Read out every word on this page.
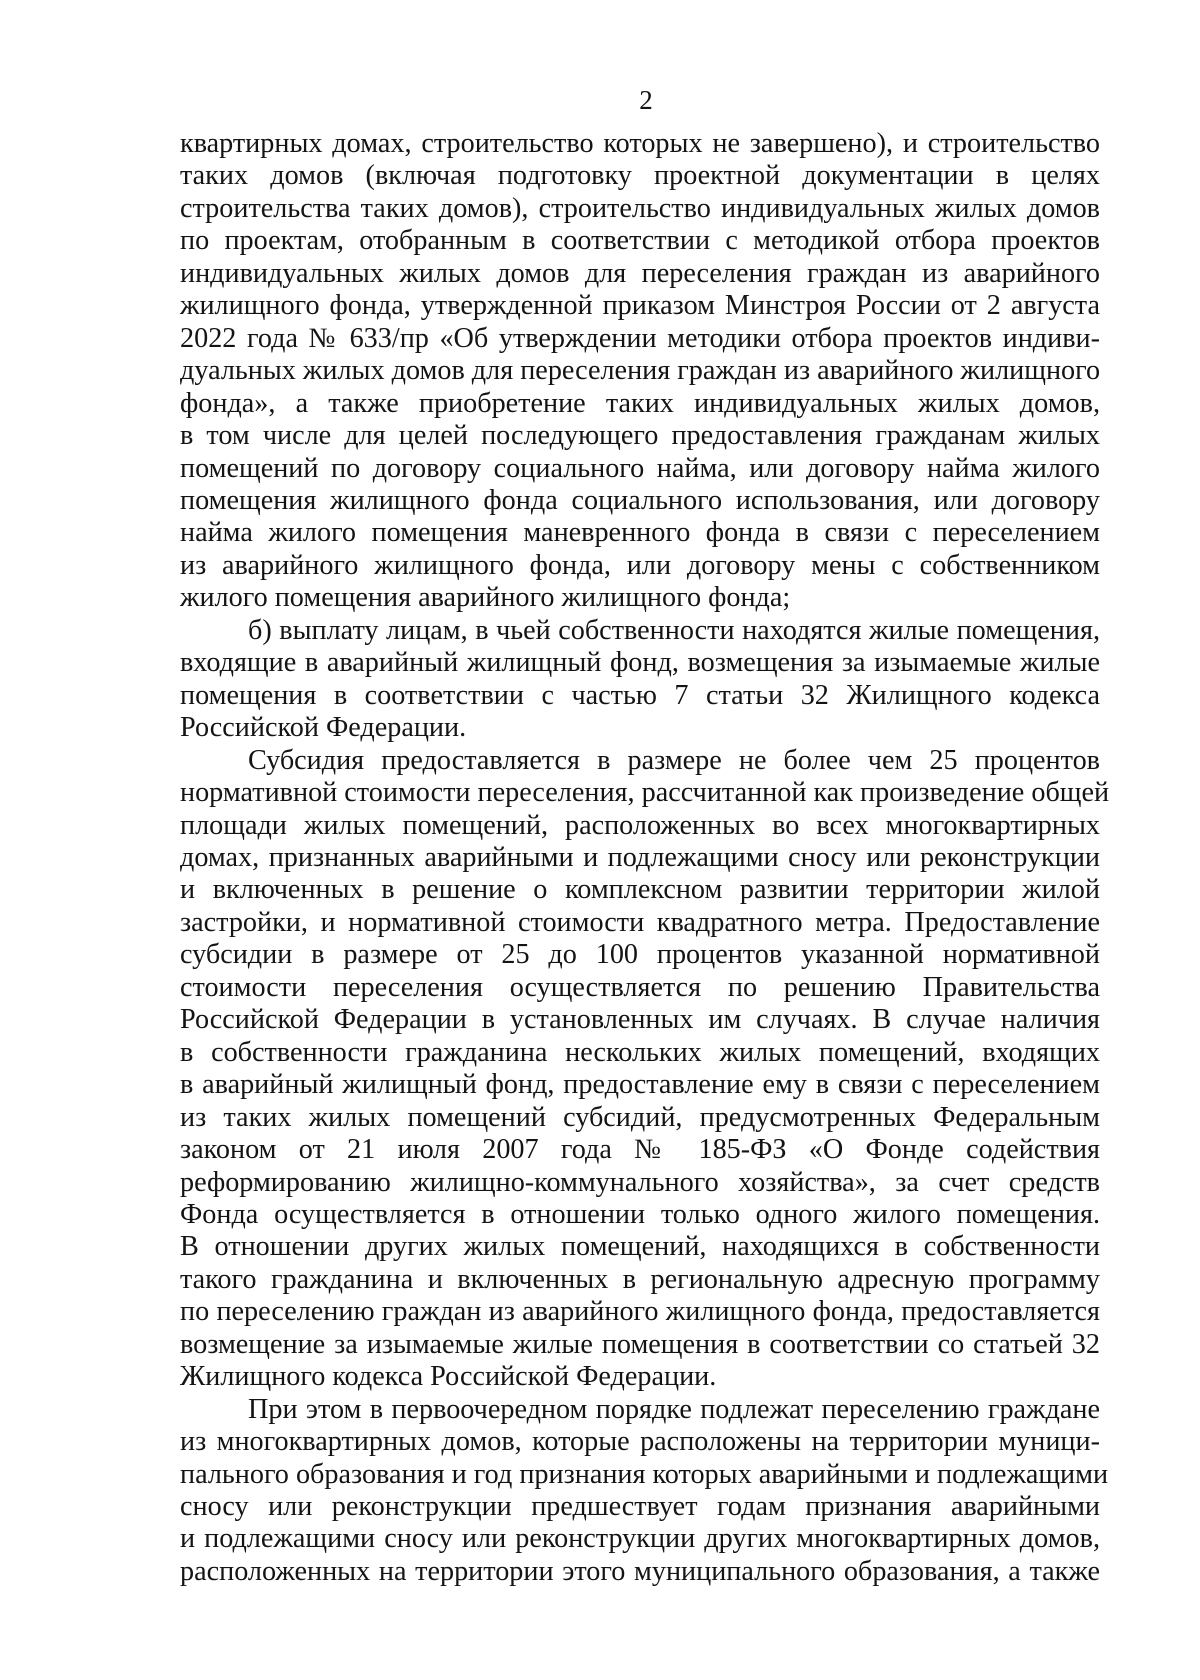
2

квартирных домах, строительство которых не завершено), и строительство
таких домов (включая подготовку проектной документации в целях
строительства таких домов), строительство индивидуальных жилых домов
по проектам, отобранным в соответствии с методикой отбора проектов
индивидуальных жилых домов для переселения граждан из аварийного
жилищного фонда, утвержденной приказом Минстроя России от 2 августа
2022 года № 633/пр «Об утверждении методики отбора проектов индиви-
дуальных жилых домов для переселения граждан из аварийного жилищного
фонда», а также приобретение таких индивидуальных жилых домов,
в том числе для целей последующего предоставления гражданам жилых
помещений по договору социального найма, или договору найма жилого
помещения жилищного фонда социального использования, или договору
найма жилого помещения маневренного фонда в связи с переселением
из аварийного жилищного фонда, или договору мены с собственником
жилого помещения аварийного жилищного фонда;

б) выплату лицам, в чьей собственности находятся жилые помещения,
входящие в аварийный жилищный фонд, возмещения за изымаемые жилые
помещения в соответствии с частью 7 статьи 32 Жилищного кодекса
Российской Федерации.

Субсидия предоставляется в размере не более чем 25 процентов
нормативной стоимости переселения, рассчитанной как произведение общей
площади жилых помещений, расположенных во всех многоквартирных
домах, признанных аварийными и подлежащими сносу или реконструкции
и включенных в решение о комплексном развитии территории жилой
застройки, и нормативной стоимости квадратного метра. Предоставление
субсидии в размере от 25 до 100 процентов указанной нормативной
стоимости переселения осуществляется по решению Правительства
Российской Федерации в установленных им случаях. В случае наличия
в собственности гражданина нескольких жилых помещений, входящих
в аварийный жилищный фонд, предоставление ему в связи с переселением
из таких жилых помещений субсидий, предусмотренных Федеральным
законом от 21 июля 2007 года № 185-ФЗ «О Фонде содействия
реформированию жилищно-коммунального хозяйства», за счет средств
Фонда осуществляется в отношении только одного жилого помещения.
В отношении других жилых помещений, находящихся в собственности
такого гражданина и включенных в региональную адресную программу
по переселению граждан из аварийного жилищного фонда, предоставляется
возмещение за изымаемые жилые помещения в соответствии со статьей 32
Жилищного кодекса Российской Федерации.

При этом в первоочередном порядке подлежат переселению граждане
из многоквартирных домов, которые расположены на территории муници-
пального образования и год признания которых аварийными и подлежащими
сносу или реконструкции предшествует годам признания аварийными
и подлежащими сносу или реконструкции других многоквартирных домов,
расположенных на территории этого муниципального образования, а также
